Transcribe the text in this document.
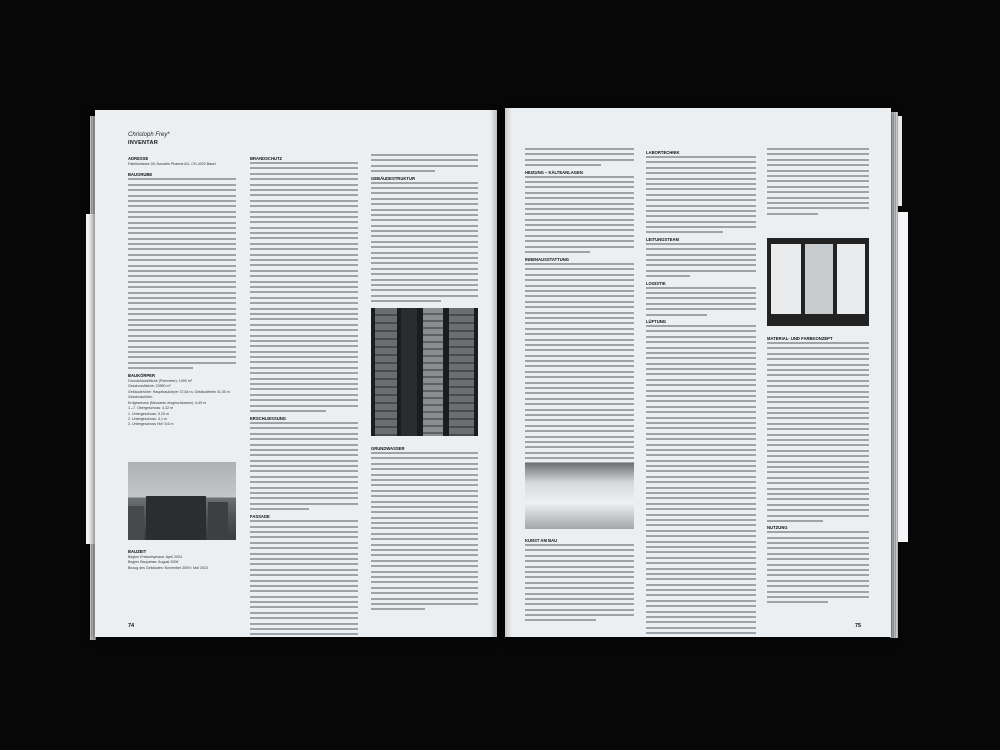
Christoph Frey*
INVENTAR
ADRESSE

Fabrikstrasse 28, Novartis Pharma AG, CH-4002 Basel

BAUGRUBE
BAUKÖRPER

Grundstücksfläche (Perimeter): 1990 m²

Geschossfläche: 23590 m²

Gebäudehöhe: Hauptbaukörper 37,64 m, Gebäudeteile 41,55 m

Geschosshöhe:

Erdgeschoss (Mezzanin eingeschlossen): 6,49 m

1.–7. Obergeschoss: 4,32 m

1. Untergeschoss: 5,25 m

2. Untergeschoss: 4,1 m

3. Untergeschoss Hof: 5,6 m

BAUZEIT

Beginn Entwurfsphase: April 2004

Beginn Baupahse: August 2006

Bezug des Gebäudes: November 2009 / Mai 2010

BRANDSCHUTZ
ERSCHLIESSUNG
FASSADE
GEBÄUDESTRUKTUR
GRUNDWASSER
74
HEIZUNG – KÄLTEANLAGEN
INNENAUSSTATTUNG
KUNST AM BAU
LABORTECHNIK
LEITUNGSTEAM
LOGISTIK
LÜFTUNG
MATERIAL- UND FARBKONZEPT
NUTZUNG
75
